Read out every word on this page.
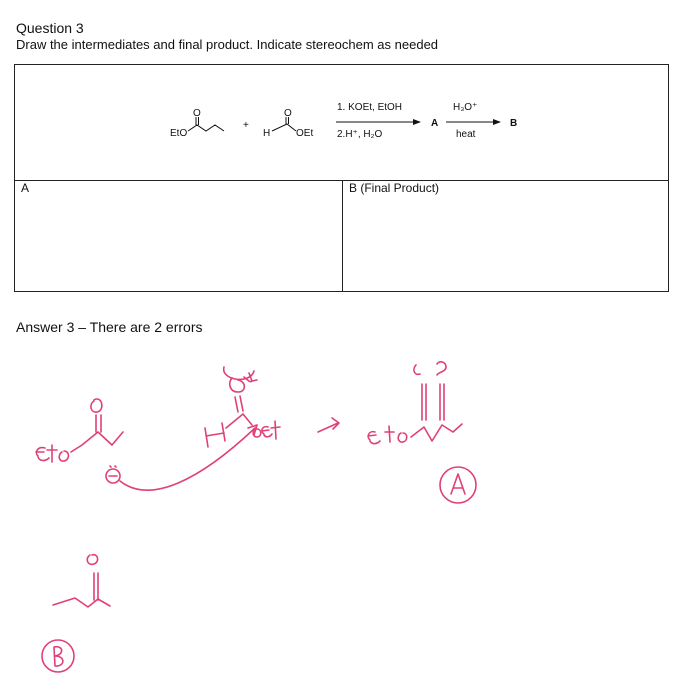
Question 3
Draw the intermediates and final product. Indicate stereochem as needed
A	B (Final Product)
Answer 3 – There are 2 errors
EtO
O
+
H
O
OEt
1. KOEt, EtOH
2.H⁺, H₂O
A
H₃O⁺
heat
B
